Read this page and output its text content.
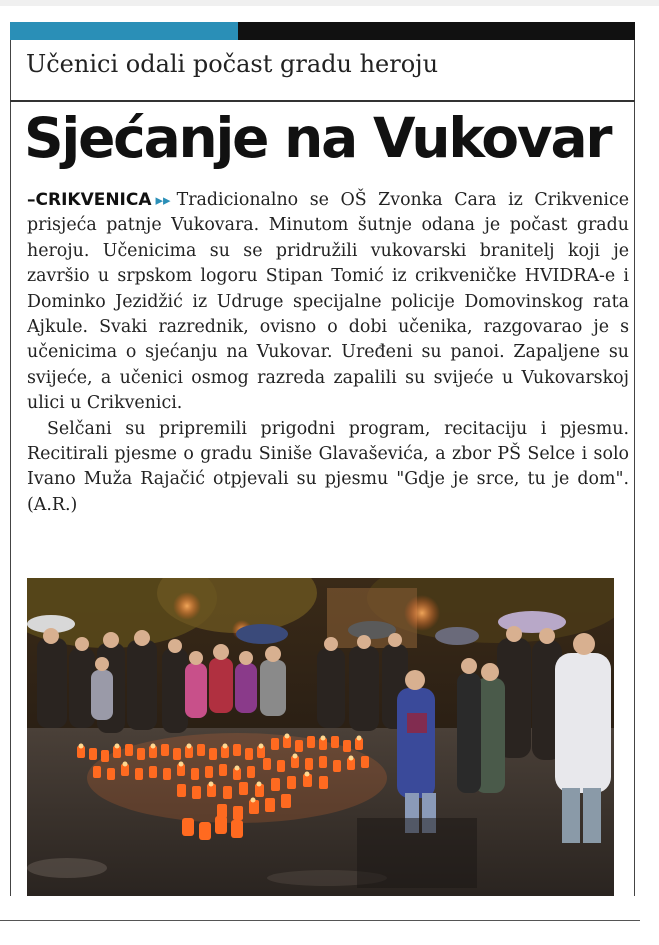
Učenici odali počast gradu heroju
Sjećanje na Vukovar

–CRIKVENICA ▸▸ Tradicionalno se OŠ Zvonka Cara iz Crikvenice prisjeća patnje Vukovara. Minutom šutnje odana je počast gradu heroju. Učenicima su se pridružili vukovarski branitelj koji je završio u srpskom logoru Stipan Tomić iz crikveničke HVIDRA-e i Dominko Jezidžić iz Udruge specijalne policije Domovinskog rata Ajkule. Svaki razrednik, ovisno o dobi učenika, razgovarao je s učenicima o sjećanju na Vukovar. Uređeni su panoi. Zapaljene su svijeće, a učenici osmog razreda zapalili su svijeće u Vukovarskoj ulici u Crikvenici.

Selčani su pripremili prigodni program, recitaciju i pjesmu. Recitirali pjesme o gradu Siniše Glavaševića, a zbor PŠ Selce i solo Ivano Muža Rajačić otpjevali su pjesmu "Gdje je srce, tu je dom". (A.R.)
